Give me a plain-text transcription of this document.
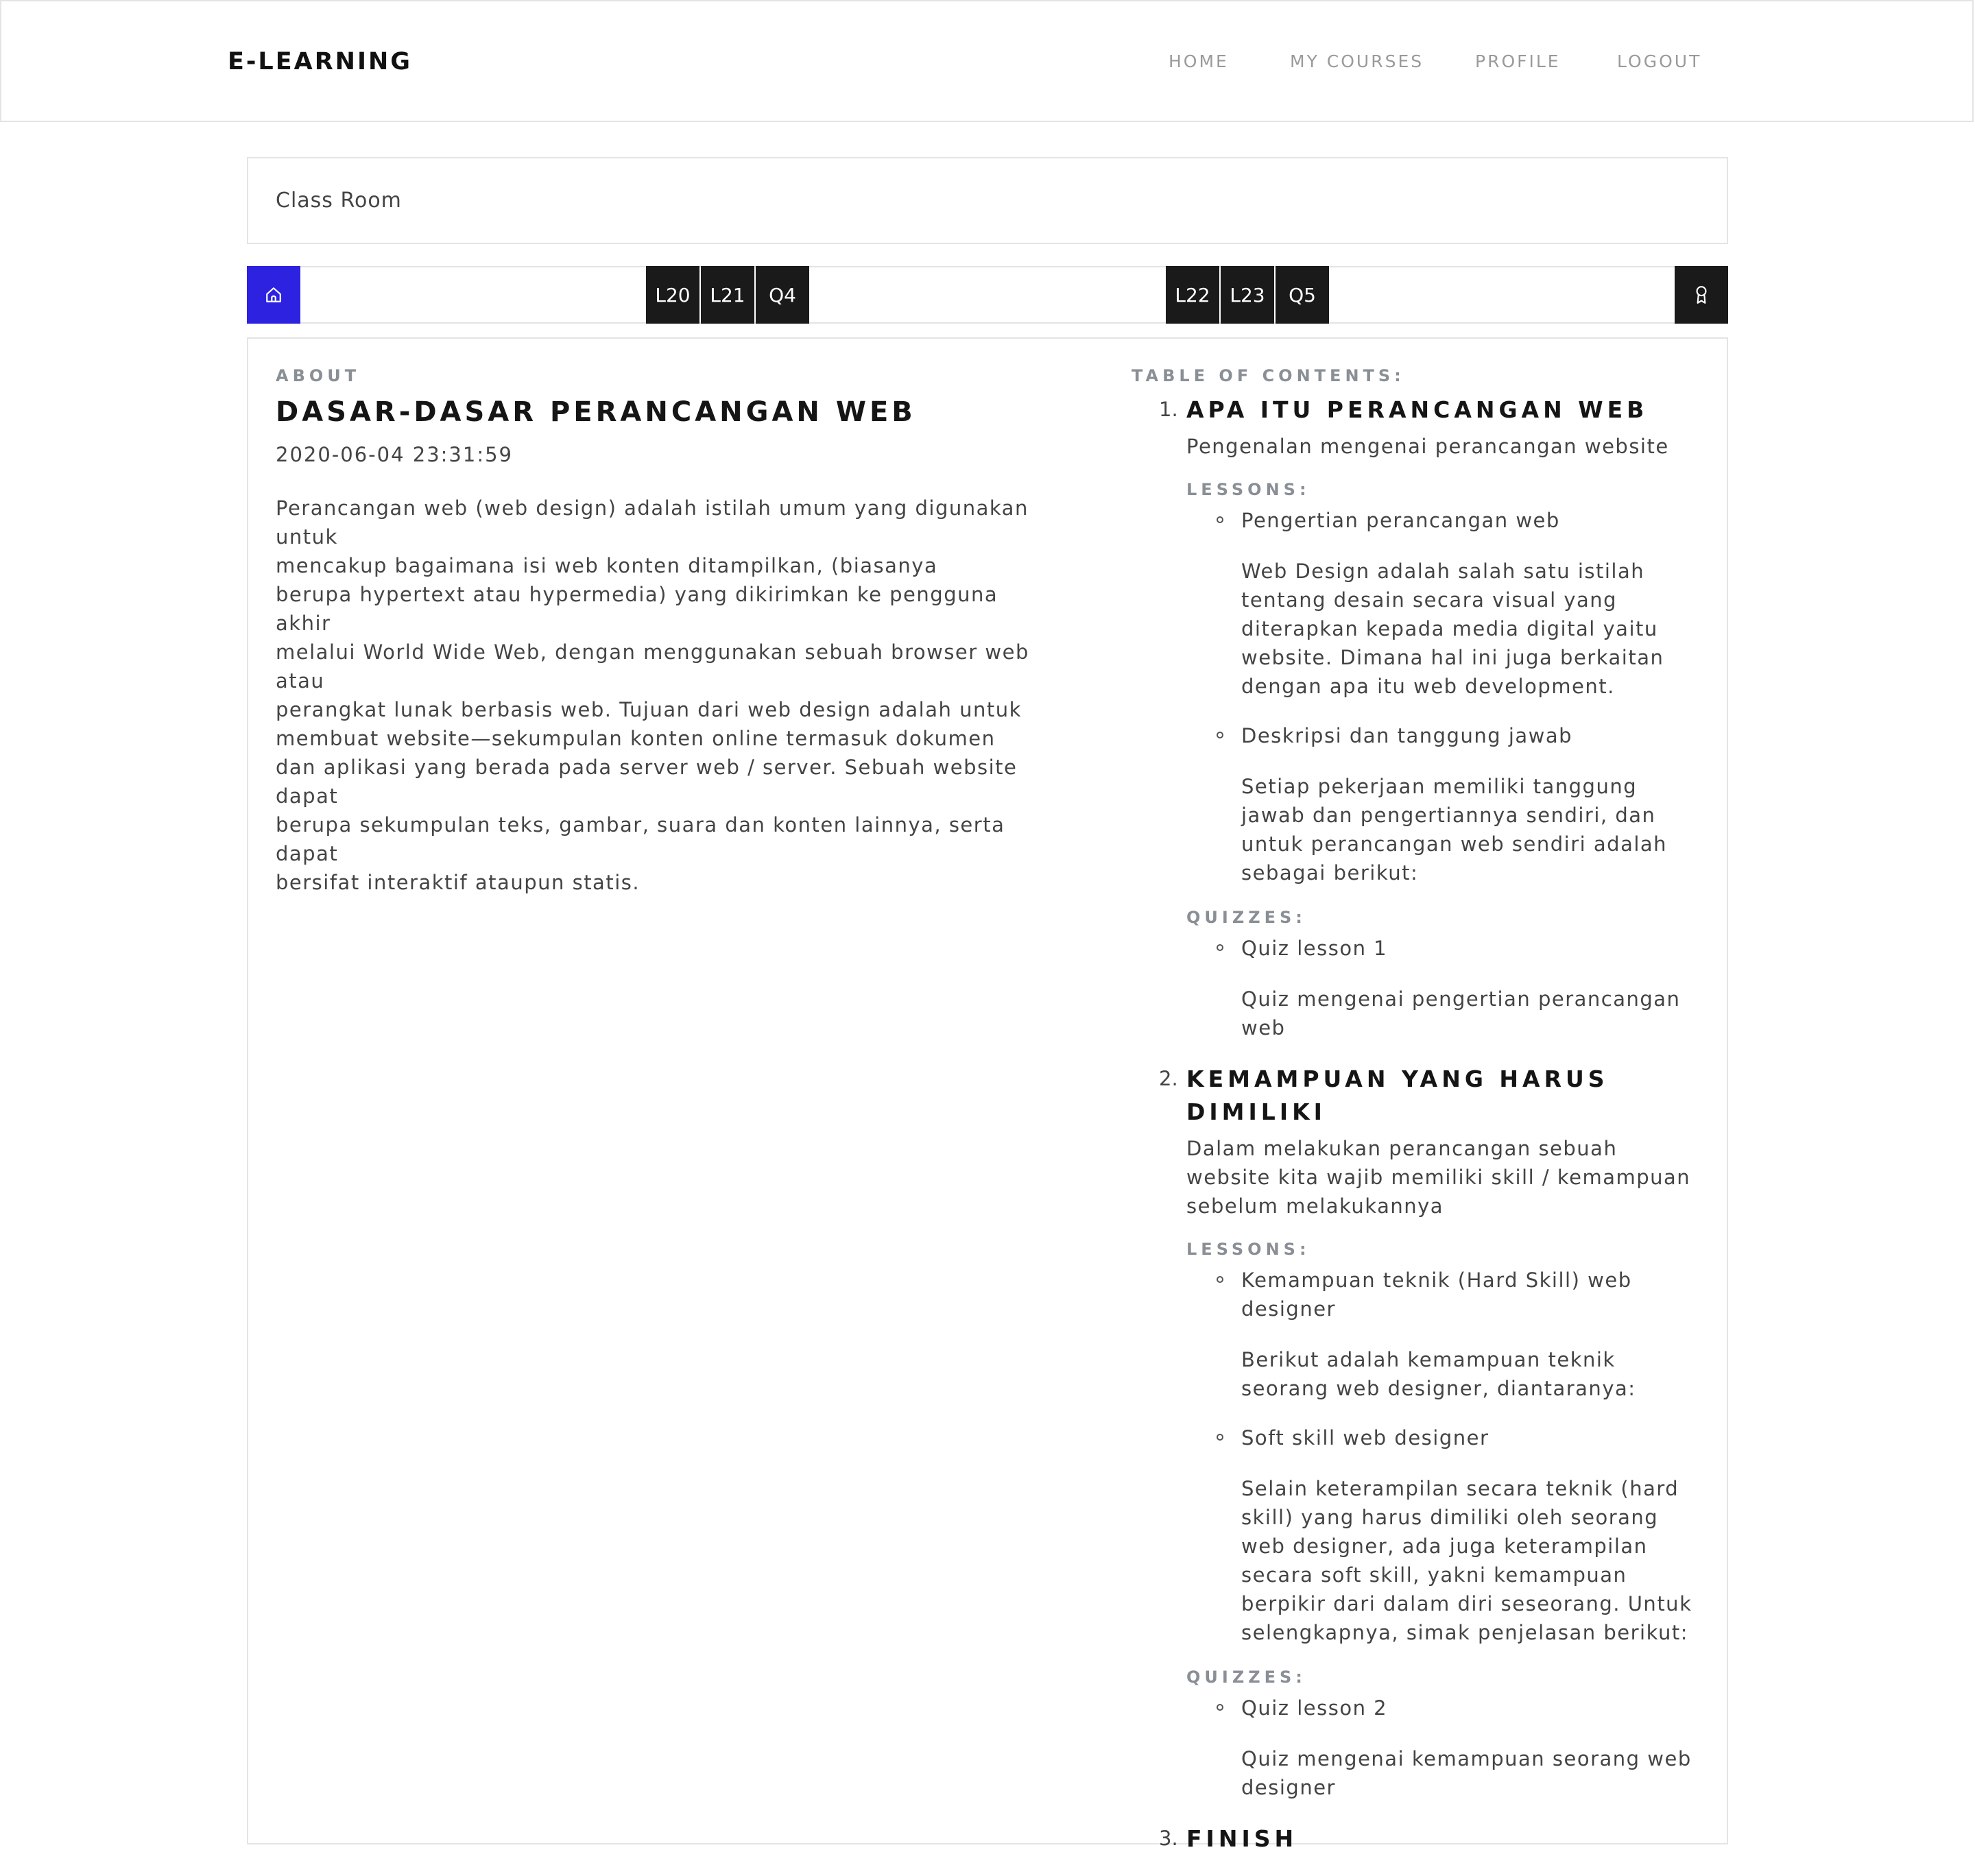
E-LEARNING	HOME	MY COURSES	PROFILE	LOGOUT
Class Room
L20	L21	Q4	L22	L23	Q5
ABOUT
DASAR-DASAR PERANCANGAN WEB
2020-06-04 23:31:59
Perancangan web (web design) adalah istilah umum yang digunakan untuk
mencakup bagaimana isi web konten ditampilkan, (biasanya
berupa hypertext atau hypermedia) yang dikirimkan ke pengguna akhir
melalui World Wide Web, dengan menggunakan sebuah browser web atau
perangkat lunak berbasis web. Tujuan dari web design adalah untuk
membuat website—sekumpulan konten online termasuk dokumen
dan aplikasi yang berada pada server web / server. Sebuah website dapat
berupa sekumpulan teks, gambar, suara dan konten lainnya, serta dapat
bersifat interaktif ataupun statis.
TABLE OF CONTENTS:
1. APA ITU PERANCANGAN WEB
Pengenalan mengenai perancangan website
LESSONS:
Pengertian perancangan web
Web Design adalah salah satu istilah tentang desain secara visual yang diterapkan kepada media digital yaitu website. Dimana hal ini juga berkaitan dengan apa itu web development.
Deskripsi dan tanggung jawab
Setiap pekerjaan memiliki tanggung jawab dan pengertiannya sendiri, dan untuk perancangan web sendiri adalah sebagai berikut:
QUIZZES:
Quiz lesson 1
Quiz mengenai pengertian perancangan web
2. KEMAMPUAN YANG HARUS DIMILIKI
Dalam melakukan perancangan sebuah website kita wajib memiliki skill / kemampuan sebelum melakukannya
LESSONS:
Kemampuan teknik (Hard Skill) web designer
Berikut adalah kemampuan teknik seorang web designer, diantaranya:
Soft skill web designer
Selain keterampilan secara teknik (hard skill) yang harus dimiliki oleh seorang web designer, ada juga keterampilan secara soft skill, yakni kemampuan berpikir dari dalam diri seseorang. Untuk selengkapnya, simak penjelasan berikut:
QUIZZES:
Quiz lesson 2
Quiz mengenai kemampuan seorang web designer
3. FINISH
